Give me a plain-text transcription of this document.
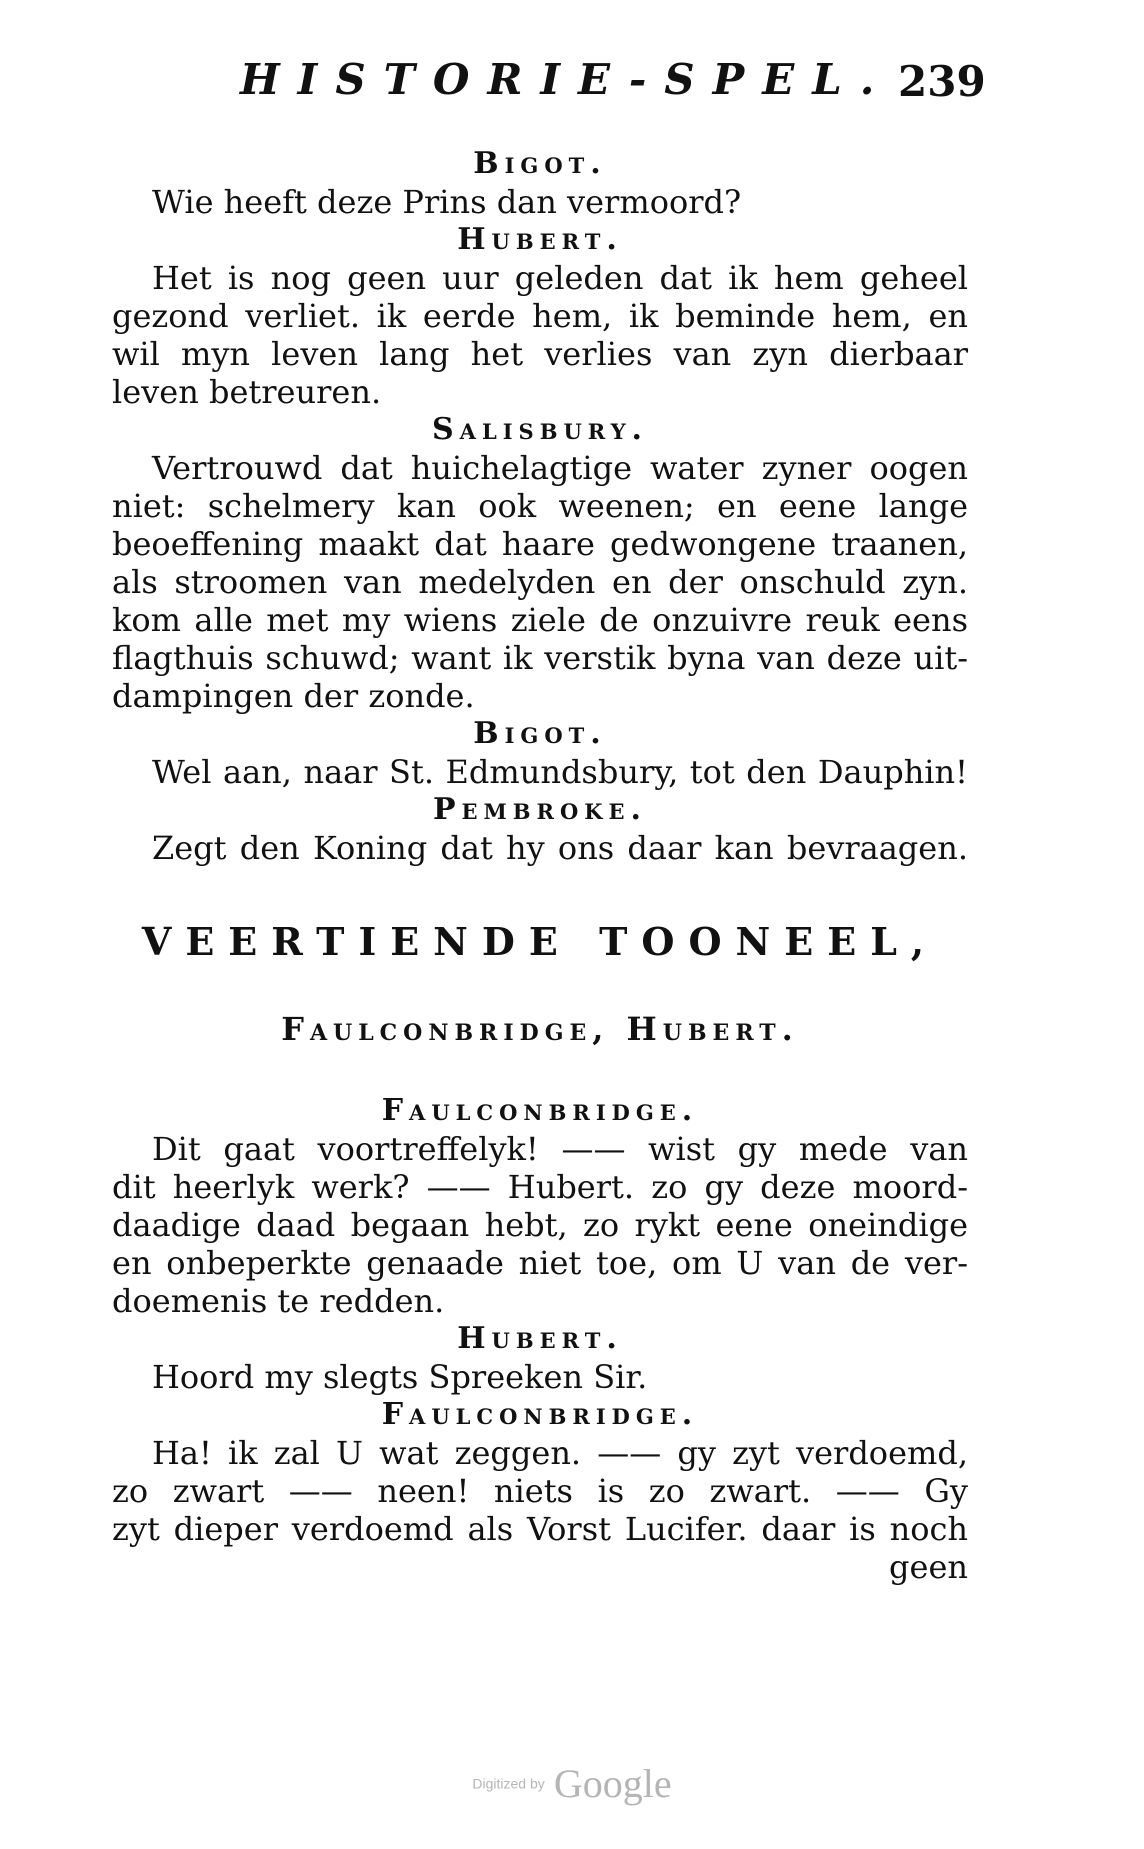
HISTORIE-SPEL. 239

Bigot.

Wie heeft deze Prins dan vermoord?

Hubert.

Het is nog geen uur geleden dat ik hem geheel

gezond verliet. ik eerde hem, ik beminde hem, en

wil myn leven lang het verlies van zyn dierbaar

leven betreuren.

Salisbury.

Vertrouwd dat huichelagtige water zyner oogen

niet: schelmery kan ook weenen; en eene lange

beoeffening maakt dat haare gedwongene traanen,

als stroomen van medelyden en der onschuld zyn.

kom alle met my wiens ziele de onzuivre reuk eens

flagthuis schuwd; want ik verstik byna van deze uit-

dampingen der zonde.

Bigot.

Wel aan, naar St. Edmundsbury, tot den Dauphin!

Pembroke.

Zegt den Koning dat hy ons daar kan bevraagen.

VEERTIENDE TOONEEL,

Faulconbridge, Hubert.

Faulconbridge.

Dit gaat voortreffelyk! —— wist gy mede van

dit heerlyk werk? —— Hubert. zo gy deze moord-

daadige daad begaan hebt, zo rykt eene oneindige

en onbeperkte genaade niet toe, om U van de ver-

doemenis te redden.

Hubert.

Hoord my slegts Spreeken Sir.

Faulconbridge.

Ha! ik zal U wat zeggen. —— gy zyt verdoemd,

zo zwart —— neen! niets is zo zwart. —— Gy

zyt dieper verdoemd als Vorst Lucifer. daar is noch

geen

Digitized by Google
